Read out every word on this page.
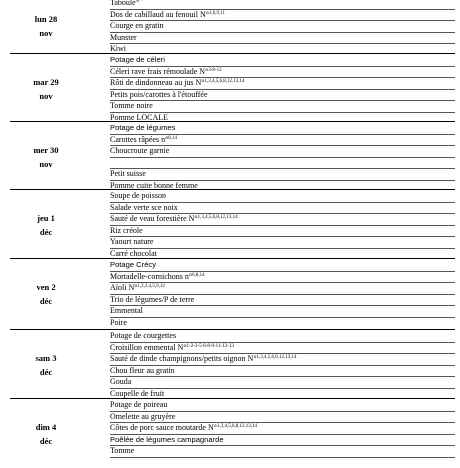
lun 28
nov
Taboulé$^{N^\circ^1}$
Dos de cabillaud au fenouil N°$^{2,6,9,11}$
Courge en gratin
Munster
Kiwi
mar 29
nov
Potage de céleri
Céleri rave frais rémoulade N°$^{3-8-12}$
Rôti de dindonneau au jus N°$^{1,3,4,5,6,8,12,13,14}$
Petits pois/carottes à l'étouffée
Tomme noire
Pomme LOCALE
mer 30
nov
Potage de légumes
Carottes râpées n°$^{8,14}$
Choucroute garnie
Petit suisse
Pomme cuite bonne femme
jeu 1
déc
Soupe de poisson
Salade verte sce noix
Sauté de veau forestière N°$^{1,3,4,5,6,8,12,13,14}$
Riz créole
Yaourt nature
Carré chocolat
ven 2
déc
Potage Crécy
Mortadelle-cornichons n°$^{6,8,14}$
Aïoli N°$^{1,2,3,4,5,9,12}$
Trio de légumes/P de terre
Emmental
Poire
sam 3
déc
Potage de courgettes
Croisillon emmental N°$^{1-2-3-5-6-8-9-11-12-13}$
Sauté de dinde champignons/petits oignon N°$^{1,3,4,5,6,8,12,13,14}$
Chou fleur au gratin
Gouda
Coupelle de fruit
dim 4
déc
Potage de poireau
Omelette au gruyère
Côtes de porc sauce moutarde N°$^{1,3,4,5,6,8,12,13,14}$
Poêlée de légumes campagnarde
Tomme
